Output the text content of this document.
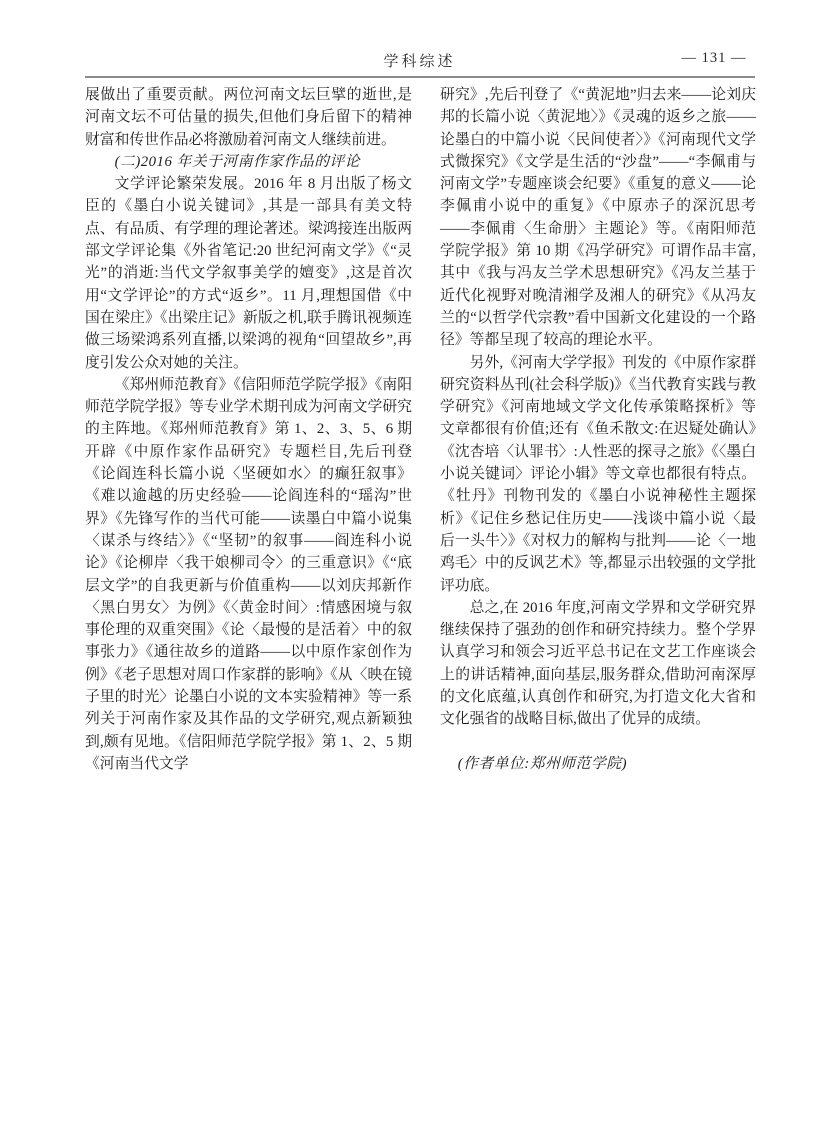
学科综述	— 131 —

展做出了重要贡献。两位河南文坛巨擘的逝世,是河南文坛不可估量的损失,但他们身后留下的精神财富和传世作品必将激励着河南文人继续前进。

(二)2016 年关于河南作家作品的评论

文学评论繁荣发展。2016 年 8 月出版了杨文臣的《墨白小说关键词》,其是一部具有美文特点、有品质、有学理的理论著述。梁鸿接连出版两部文学评论集《外省笔记:20 世纪河南文学》《“灵光”的消逝:当代文学叙事美学的嬗变》,这是首次用“文学评论”的方式“返乡”。11 月,理想国借《中国在梁庄》《出梁庄记》新版之机,联手腾讯视频连做三场梁鸿系列直播,以梁鸿的视角“回望故乡”,再度引发公众对她的关注。

《郑州师范教育》《信阳师范学院学报》《南阳师范学院学报》等专业学术期刊成为河南文学研究的主阵地。《郑州师范教育》第 1、2、3、5、6 期开辟《中原作家作品研究》专题栏目,先后刊登《论阎连科长篇小说〈坚硬如水〉的癫狂叙事》《难以逾越的历史经验——论阎连科的“瑶沟”世界》《先锋写作的当代可能——读墨白中篇小说集〈谋杀与终结〉》《“坚韧”的叙事——阎连科小说论》《论柳岸〈我干娘柳司令〉的三重意识》《“底层文学”的自我更新与价值重构——以刘庆邦新作〈黑白男女〉为例》《〈黄金时间〉:情感困境与叙事伦理的双重突围》《论〈最慢的是活着〉中的叙事张力》《通往故乡的道路——以中原作家创作为例》《老子思想对周口作家群的影响》《从〈映在镜子里的时光〉论墨白小说的文本实验精神》等一系列关于河南作家及其作品的文学研究,观点新颖独到,颇有见地。《信阳师范学院学报》第 1、2、5 期《河南当代文学

研究》,先后刊登了《“黄泥地”归去来——论刘庆邦的长篇小说〈黄泥地〉》《灵魂的返乡之旅——论墨白的中篇小说〈民间使者〉》《河南现代文学式微探究》《文学是生活的“沙盘”——“李佩甫与河南文学”专题座谈会纪要》《重复的意义——论李佩甫小说中的重复》《中原赤子的深沉思考——李佩甫〈生命册〉主题论》等。《南阳师范学院学报》第 10 期《冯学研究》可谓作品丰富,其中《我与冯友兰学术思想研究》《冯友兰基于近代化视野对晚清湘学及湘人的研究》《从冯友兰的“以哲学代宗教”看中国新文化建设的一个路径》等都呈现了较高的理论水平。

另外,《河南大学学报》刊发的《中原作家群研究资料丛刊(社会科学版)》《当代教育实践与教学研究》《河南地域文学文化传承策略探析》等文章都很有价值;还有《鱼禾散文:在迟疑处确认》《沈杏培〈认罪书〉:人性恶的探寻之旅》《〈墨白小说关键词〉评论小辑》等文章也都很有特点。《牡丹》刊物刊发的《墨白小说神秘性主题探析》《记住乡愁记住历史——浅谈中篇小说〈最后一头牛〉》《对权力的解构与批判——论〈一地鸡毛〉中的反讽艺术》等,都显示出较强的文学批评功底。

总之,在 2016 年度,河南文学界和文学研究界继续保持了强劲的创作和研究持续力。整个学界认真学习和领会习近平总书记在文艺工作座谈会上的讲话精神,面向基层,服务群众,借助河南深厚的文化底蕴,认真创作和研究,为打造文化大省和文化强省的战略目标,做出了优异的成绩。

(作者单位:郑州师范学院)
